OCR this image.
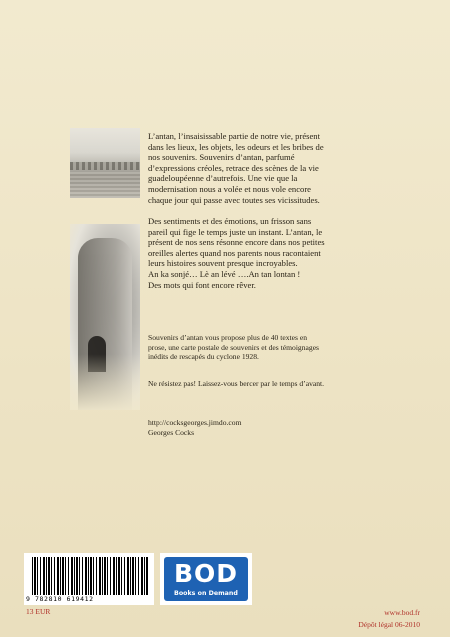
L’antan, l’insaisissable partie de notre vie, présent
dans les lieux, les objets, les odeurs et les bribes de
nos souvenirs. Souvenirs d’antan, parfumé
d’expressions créoles, retrace des scènes de la vie
guadeloupéenne d’autrefois. Une vie que la
modernisation nous a volée et nous vole encore
chaque jour qui passe avec toutes ses vicissitudes.
Des sentiments et des émotions, un frisson sans
pareil qui fige le temps juste un instant. L’antan, le
présent de nos sens résonne encore dans nos petites
oreilles alertes quand nos parents nous racontaient
leurs histoires souvent presque incroyables.
An ka sonjé… Lè an lévé ….An tan lontan !
Des mots qui font encore rêver.
Souvenirs d’antan vous propose plus de 40 textes en
prose, une carte postale de souvenirs et des témoignages
inédits de rescapés du cyclone 1928.
Ne résistez pas! Laissez-vous bercer par le temps d’avant.
http://cocksgeorges.jimdo.com
Georges Cocks
9 782810 619412
13 EUR
BOD
Books on Demand
www.bod.fr
Dépôt légal 06-2010
